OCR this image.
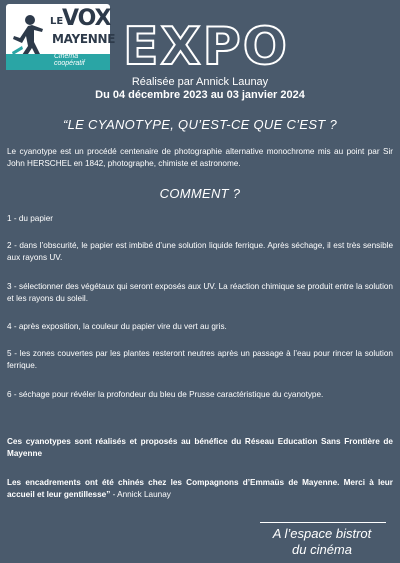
LE
VOX
MAYENNE
Cinéma coopératif EXPO
Réalisée par Annick Launay
Du 04 décembre 2023 au 03 janvier 2024
“LE CYANOTYPE, QU’EST-CE QUE C’EST ?
Le cyanotype est un procédé centenaire de photographie alternative monochrome mis au point par Sir John HERSCHEL en 1842, photographe, chimiste et astronome.
COMMENT ?
1 - du papier
2 - dans l’obscurité, le papier est imbibé d’une solution liquide ferrique. Après séchage, il est très sensible aux rayons UV.
3 - sélectionner des végétaux qui seront exposés aux UV. La réaction chimique se produit entre la solution et les rayons du soleil.
4 - après exposition, la couleur du papier vire du vert au gris.
5 - les zones couvertes par les plantes resteront neutres après un passage à l’eau pour rincer la solution ferrique.
6 - séchage pour révéler la profondeur du bleu de Prusse caractéristique du cyanotype.
Ces cyanotypes sont réalisés et proposés au bénéfice du Réseau Education Sans Frontière de Mayenne
Les encadrements ont été chinés chez les Compagnons d’Emmaüs de Mayenne. Merci à leur accueil et leur gentillesse” - Annick Launay
A l’espace bistrot
du cinéma
